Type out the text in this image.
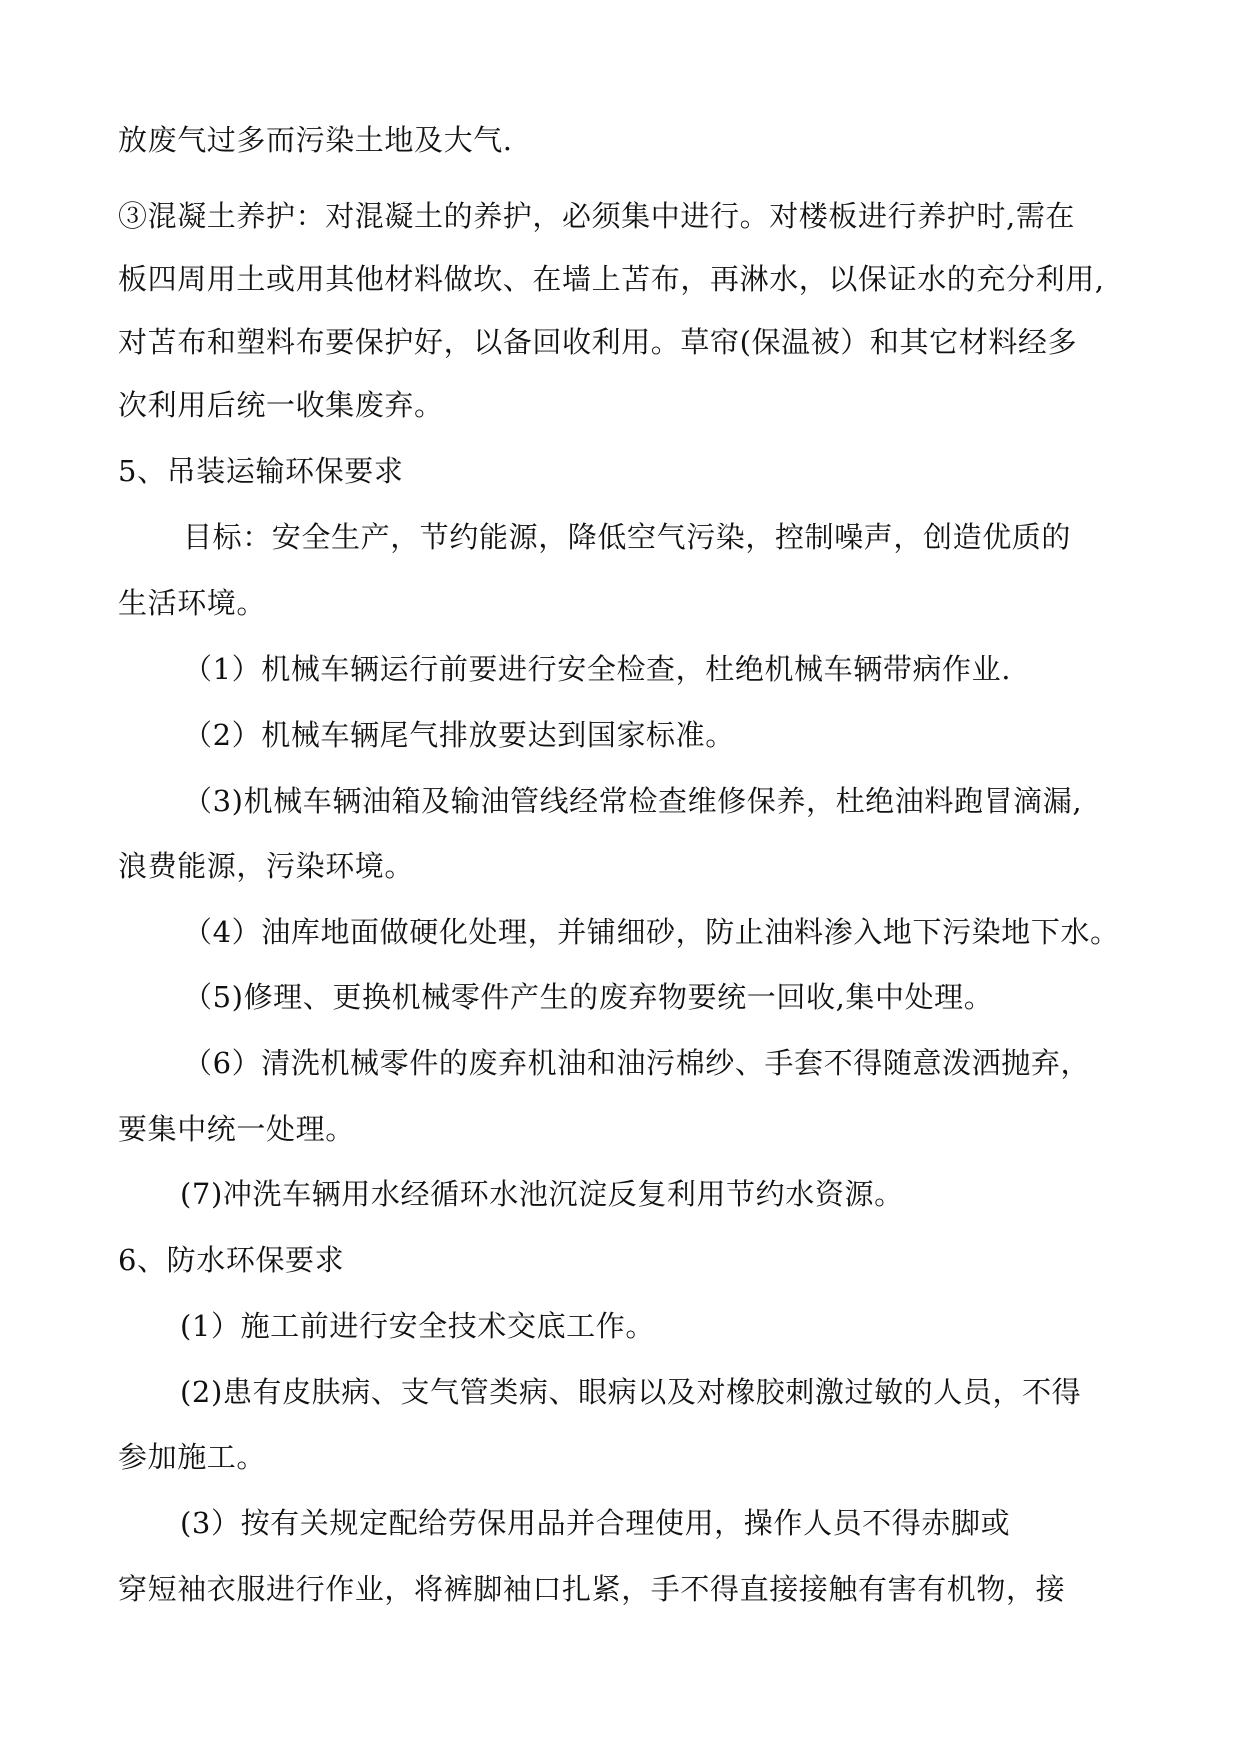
放废气过多而污染土地及大气.
③混凝土养护：对混凝土的养护，必须集中进行。对楼板进行养护时,需在
板四周用土或用其他材料做坎、在墙上苫布，再淋水，以保证水的充分利用,
对苫布和塑料布要保护好，以备回收利用。草帘(保温被）和其它材料经多
次利用后统一收集废弃。
5、吊装运输环保要求
目标：安全生产，节约能源，降低空气污染，控制噪声，创造优质的
生活环境。
（1）机械车辆运行前要进行安全检查，杜绝机械车辆带病作业.
（2）机械车辆尾气排放要达到国家标准。
（3)机械车辆油箱及输油管线经常检查维修保养，杜绝油料跑冒滴漏,
浪费能源，污染环境。
（4）油库地面做硬化处理，并铺细砂，防止油料渗入地下污染地下水。
（5)修理、更换机械零件产生的废弃物要统一回收,集中处理。
（6）清洗机械零件的废弃机油和油污棉纱、手套不得随意泼洒抛弃，
要集中统一处理。
(7)冲洗车辆用水经循环水池沉淀反复利用节约水资源。
6、防水环保要求
(1）施工前进行安全技术交底工作。
(2)患有皮肤病、支气管类病、眼病以及对橡胶刺激过敏的人员，不得
参加施工。
(3）按有关规定配给劳保用品并合理使用，操作人员不得赤脚或
穿短袖衣服进行作业，将裤脚袖口扎紧，手不得直接接触有害有机物，接
